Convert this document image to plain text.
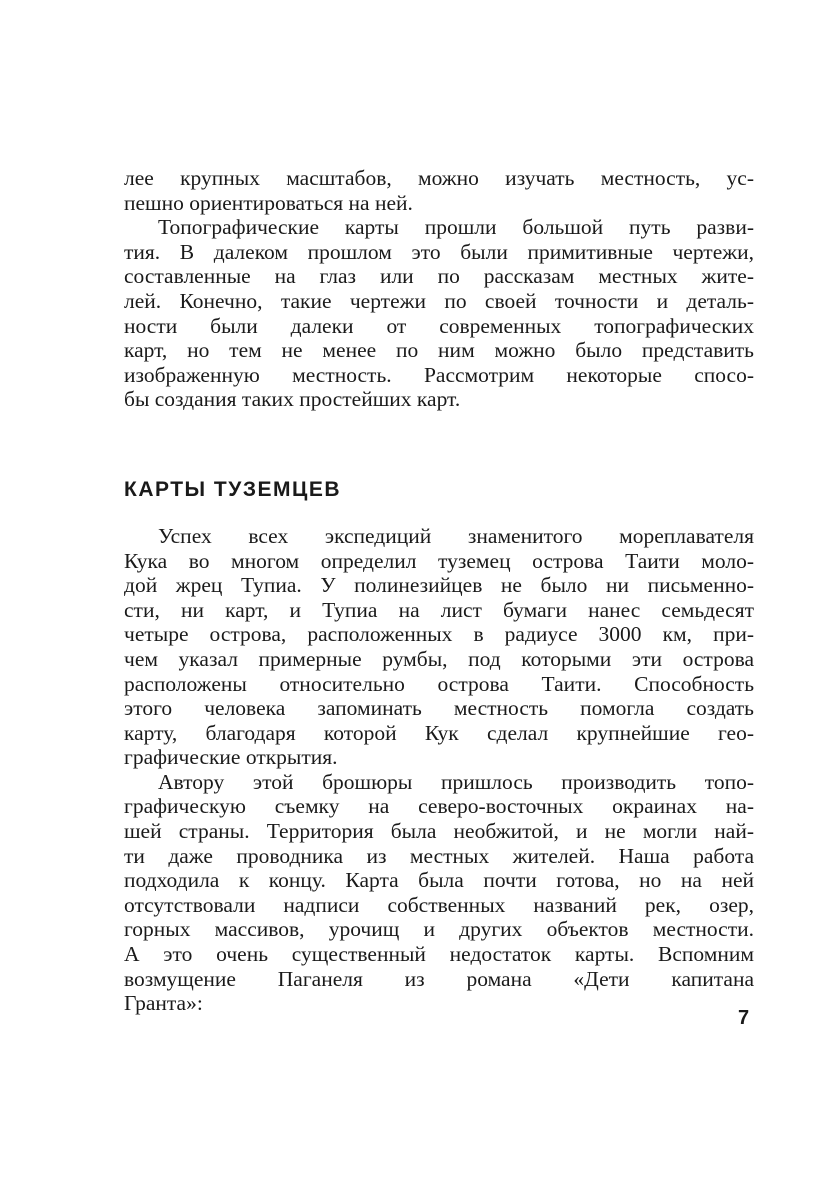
лее крупных масштабов, можно изучать местность, ус-
пешно ориентироваться на ней.
Топографические карты прошли большой путь разви-
тия. В далеком прошлом это были примитивные чертежи,
составленные на глаз или по рассказам местных жите-
лей. Конечно, такие чертежи по своей точности и деталь-
ности были далеки от современных топографических
карт, но тем не менее по ним можно было представить
изображенную местность. Рассмотрим некоторые спосо-
бы создания таких простейших карт.
КАРТЫ ТУЗЕМЦЕВ
Успех всех экспедиций знаменитого мореплавателя
Кука во многом определил туземец острова Таити моло-
дой жрец Тупиа. У полинезийцев не было ни письменно-
сти, ни карт, и Тупиа на лист бумаги нанес семьдесят
четыре острова, расположенных в радиусе 3000 км, при-
чем указал примерные румбы, под которыми эти острова
расположены относительно острова Таити. Способность
этого человека запоминать местность помогла создать
карту, благодаря которой Кук сделал крупнейшие гео-
графические открытия.
Автору этой брошюры пришлось производить топо-
графическую съемку на северо-восточных окраинах на-
шей страны. Территория была необжитой, и не могли най-
ти даже проводника из местных жителей. Наша работа
подходила к концу. Карта была почти готова, но на ней
отсутствовали надписи собственных названий рек, озер,
горных массивов, урочищ и других объектов местности.
А это очень существенный недостаток карты. Вспомним
возмущение Паганеля из романа «Дети капитана
Гранта»:
7
